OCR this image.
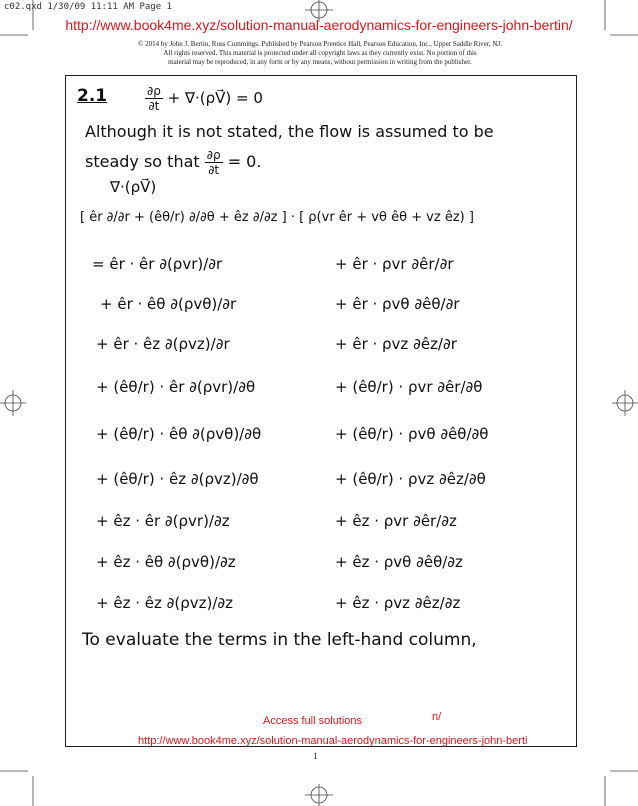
c02.qxd 1/30/09 11:11 AM Page 1
http://www.book4me.xyz/solution-manual-aerodynamics-for-engineers-john-bertin/
© 2014 by John J. Bertin, Russ Cummings. Published by Pearson Prentice Hall, Pearson Education, Inc., Upper Saddle River, NJ.
All rights reserved. This material is protected under all copyright laws as they currently exist. No portion of this
material may be reproduced, in any form or by any means, without permission in writing from the publisher.
2.1	$\frac{\partial\rho}{\partial t}$ + ∇·(ρV⃗) = 0
Although it is not stated, the flow is assumed to be
steady so that $\frac{\partial\rho}{\partial t} = 0$.
∇·(ρV⃗)
[ êr ∂/∂r + (êθ/r) ∂/∂θ + êz ∂/∂z ] · [ ρ(vr êr + vθ êθ + vz êz) ]
= êr · êr ∂(ρvr)/∂r	+ êr · ρvr ∂êr/∂r
+ êr · êθ ∂(ρvθ)/∂r	+ êr · ρvθ ∂êθ/∂r
+ êr · êz ∂(ρvz)/∂r	+ êr · ρvz ∂êz/∂r
+ (êθ/r) · êr ∂(ρvr)/∂θ	+ (êθ/r) · ρvr ∂êr/∂θ
+ (êθ/r) · êθ ∂(ρvθ)/∂θ	+ (êθ/r) · ρvθ ∂êθ/∂θ
+ (êθ/r) · êz ∂(ρvz)/∂θ	+ (êθ/r) · ρvz ∂êz/∂θ
+ êz · êr ∂(ρvr)/∂z	+ êz · ρvr ∂êr/∂z
+ êz · êθ ∂(ρvθ)/∂z	+ êz · ρvθ ∂êθ/∂z
+ êz · êz ∂(ρvz)/∂z	+ êz · ρvz ∂êz/∂z
To evaluate the terms in the left-hand column,
Access full solutions	n/
http://www.book4me.xyz/solution-manual-aerodynamics-for-engineers-john-berti
1
